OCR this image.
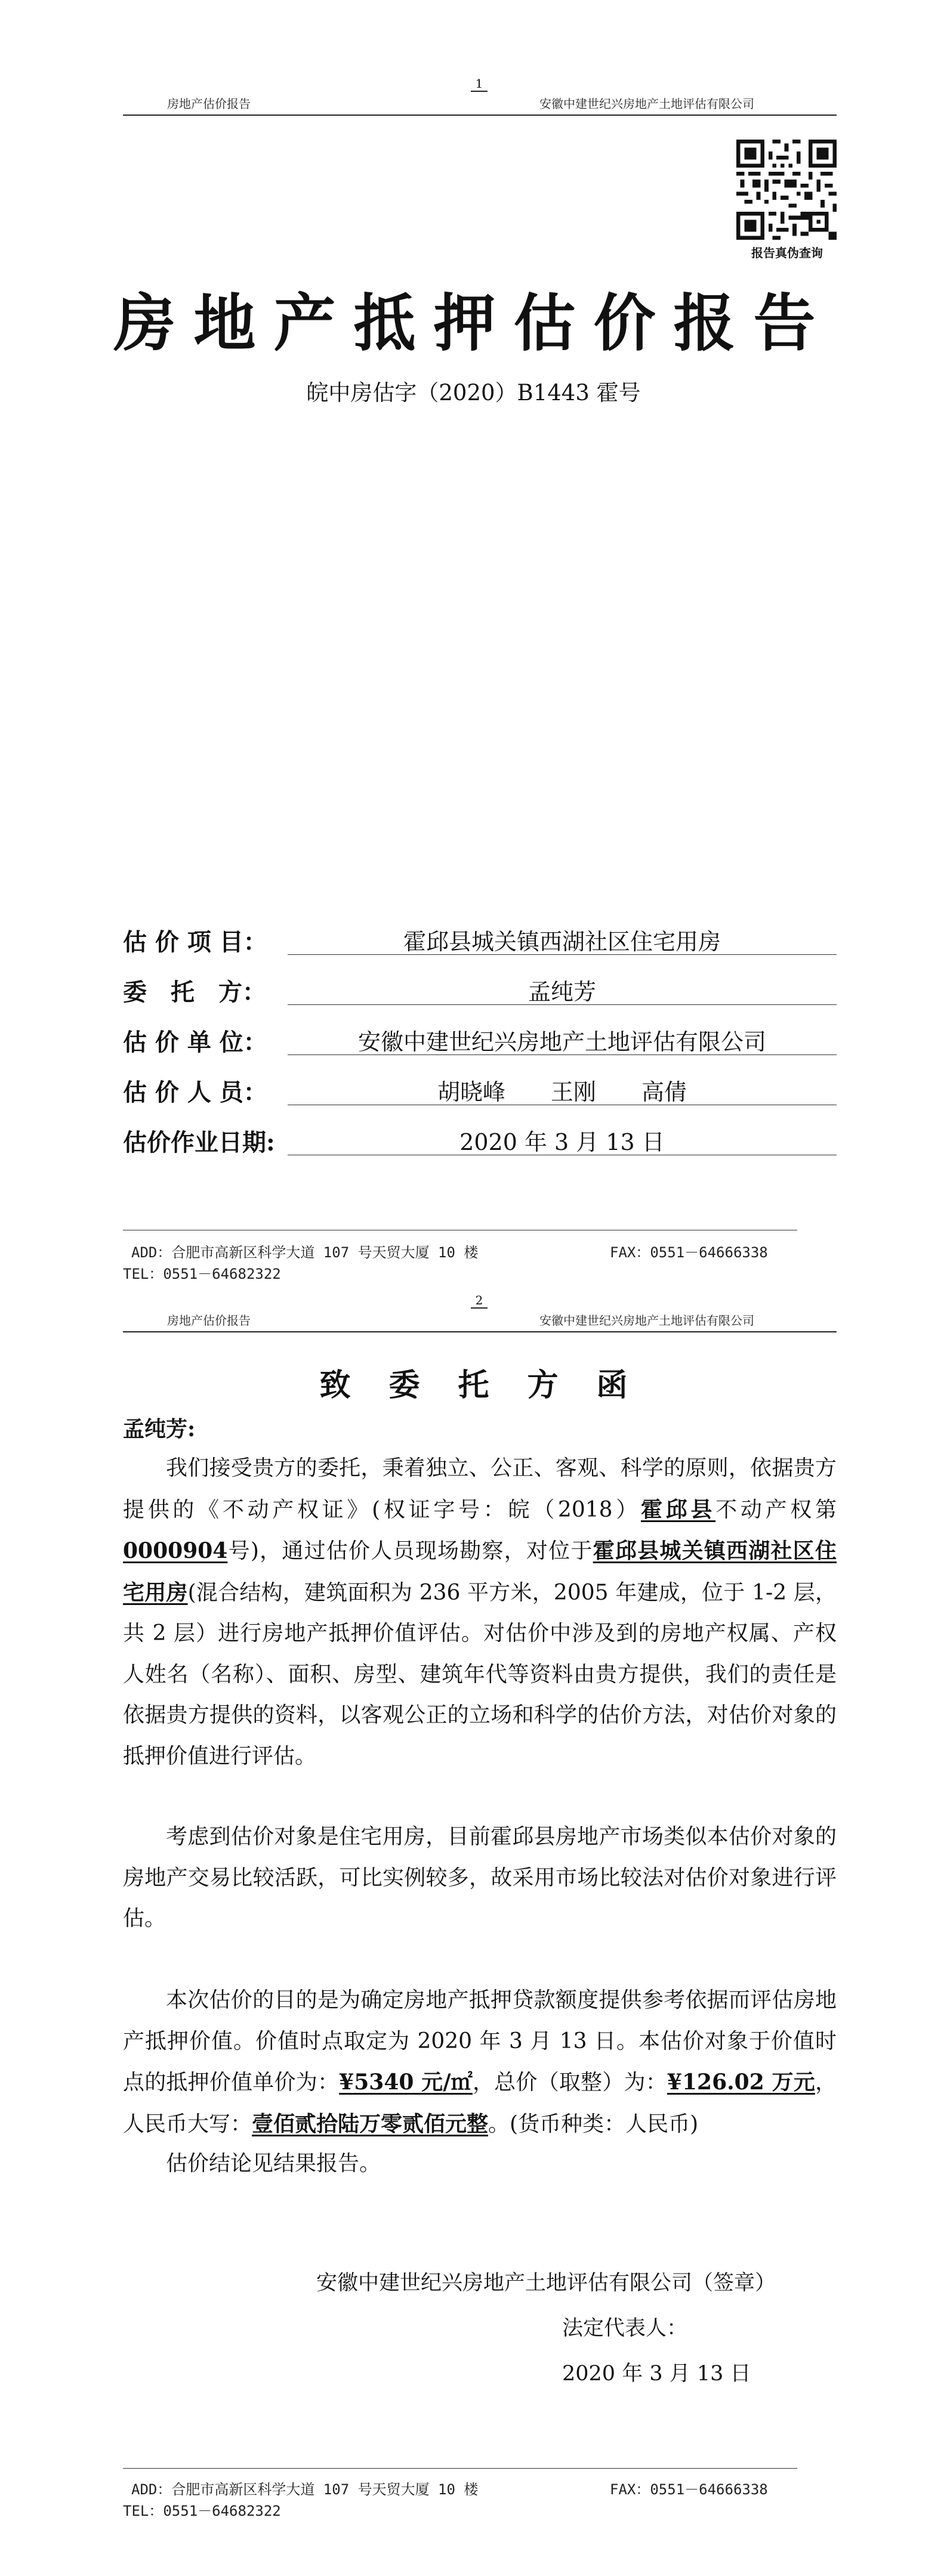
1
房地产估价报告	安徽中建世纪兴房地产土地评估有限公司
报告真伪查询
房地产抵押估价报告
皖中房估字（2020）B1443 霍号
估 价 项 目：	霍邱县城关镇西湖社区住宅用房
委　托　方：	孟纯芳
估 价 单 位：	安徽中建世纪兴房地产土地评估有限公司
估 价 人 员：	胡晓峰　　王刚　　高倩
估价作业日期:	2020 年 3 月 13 日
ADD：合肥市高新区科学大道 107 号天贸大厦 10 楼	FAX：0551－64666338
TEL：0551－64682322
2
房地产估价报告	安徽中建世纪兴房地产土地评估有限公司
致委托方函
孟纯芳:
我们接受贵方的委托，秉着独立、公正、客观、科学的原则，依据贵方提供的《不动产权证》(权证字号：皖（2018）霍邱县不动产权第 0000904号)，通过估价人员现场勘察，对位于霍邱县城关镇西湖社区住宅用房(混合结构，建筑面积为 236 平方米，2005 年建成，位于 1-2 层，共 2 层）进行房地产抵押价值评估。对估价中涉及到的房地产权属、产权人姓名（名称）、面积、房型、建筑年代等资料由贵方提供，我们的责任是依据贵方提供的资料，以客观公正的立场和科学的估价方法，对估价对象的抵押价值进行评估。
考虑到估价对象是住宅用房，目前霍邱县房地产市场类似本估价对象的房地产交易比较活跃，可比实例较多，故采用市场比较法对估价对象进行评估。
本次估价的目的是为确定房地产抵押贷款额度提供参考依据而评估房地产抵押价值。价值时点取定为 2020 年 3 月 13 日。本估价对象于价值时点的抵押价值单价为：¥5340 元/㎡，总价（取整）为：¥126.02 万元，人民币大写：壹佰贰拾陆万零贰佰元整。(货币种类：人民币)
估价结论见结果报告。
安徽中建世纪兴房地产土地评估有限公司（签章）
法定代表人：
2020 年 3 月 13 日
ADD：合肥市高新区科学大道 107 号天贸大厦 10 楼	FAX：0551－64666338
TEL：0551－64682322
